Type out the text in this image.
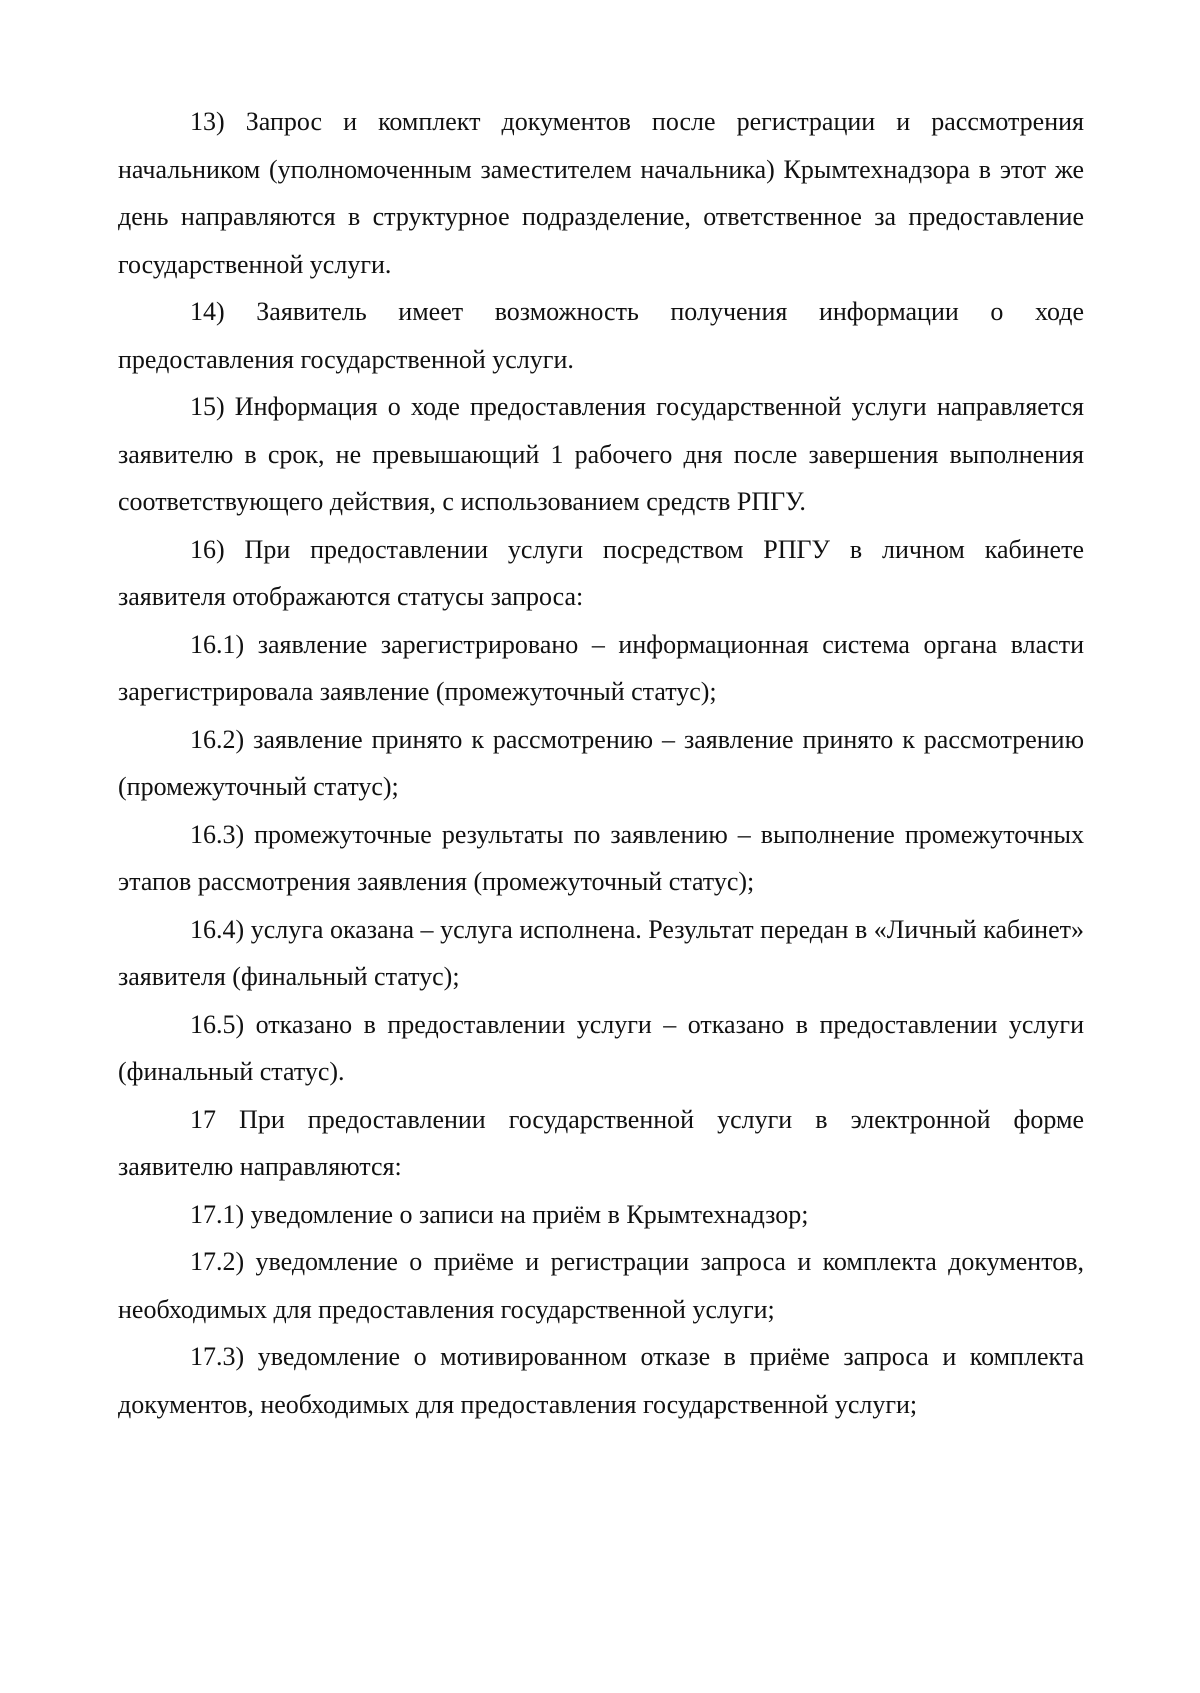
13) Запрос и комплект документов после регистрации и рассмотрения начальником (уполномоченным заместителем начальника) Крымтехнадзора в этот же день направляются в структурное подразделение, ответственное за предоставление государственной услуги.

14) Заявитель имеет возможность получения информации о ходе предоставления государственной услуги.

15) Информация о ходе предоставления государственной услуги направляется заявителю в срок, не превышающий 1 рабочего дня после завершения выполнения соответствующего действия, с использованием средств РПГУ.

16) При предоставлении услуги посредством РПГУ в личном кабинете заявителя отображаются статусы запроса:

16.1) заявление зарегистрировано – информационная система органа власти зарегистрировала заявление (промежуточный статус);

16.2) заявление принято к рассмотрению – заявление принято к рассмотрению (промежуточный статус);

16.3) промежуточные результаты по заявлению – выполнение промежуточных этапов рассмотрения заявления (промежуточный статус);

16.4) услуга оказана – услуга исполнена. Результат передан в «Личный кабинет» заявителя (финальный статус);

16.5) отказано в предоставлении услуги – отказано в предоставлении услуги (финальный статус).

17 При предоставлении государственной услуги в электронной форме заявителю направляются:

17.1) уведомление о записи на приём в Крымтехнадзор;

17.2) уведомление о приёме и регистрации запроса и комплекта документов, необходимых для предоставления государственной услуги;

17.3) уведомление о мотивированном отказе в приёме запроса и комплекта документов, необходимых для предоставления государственной услуги;
